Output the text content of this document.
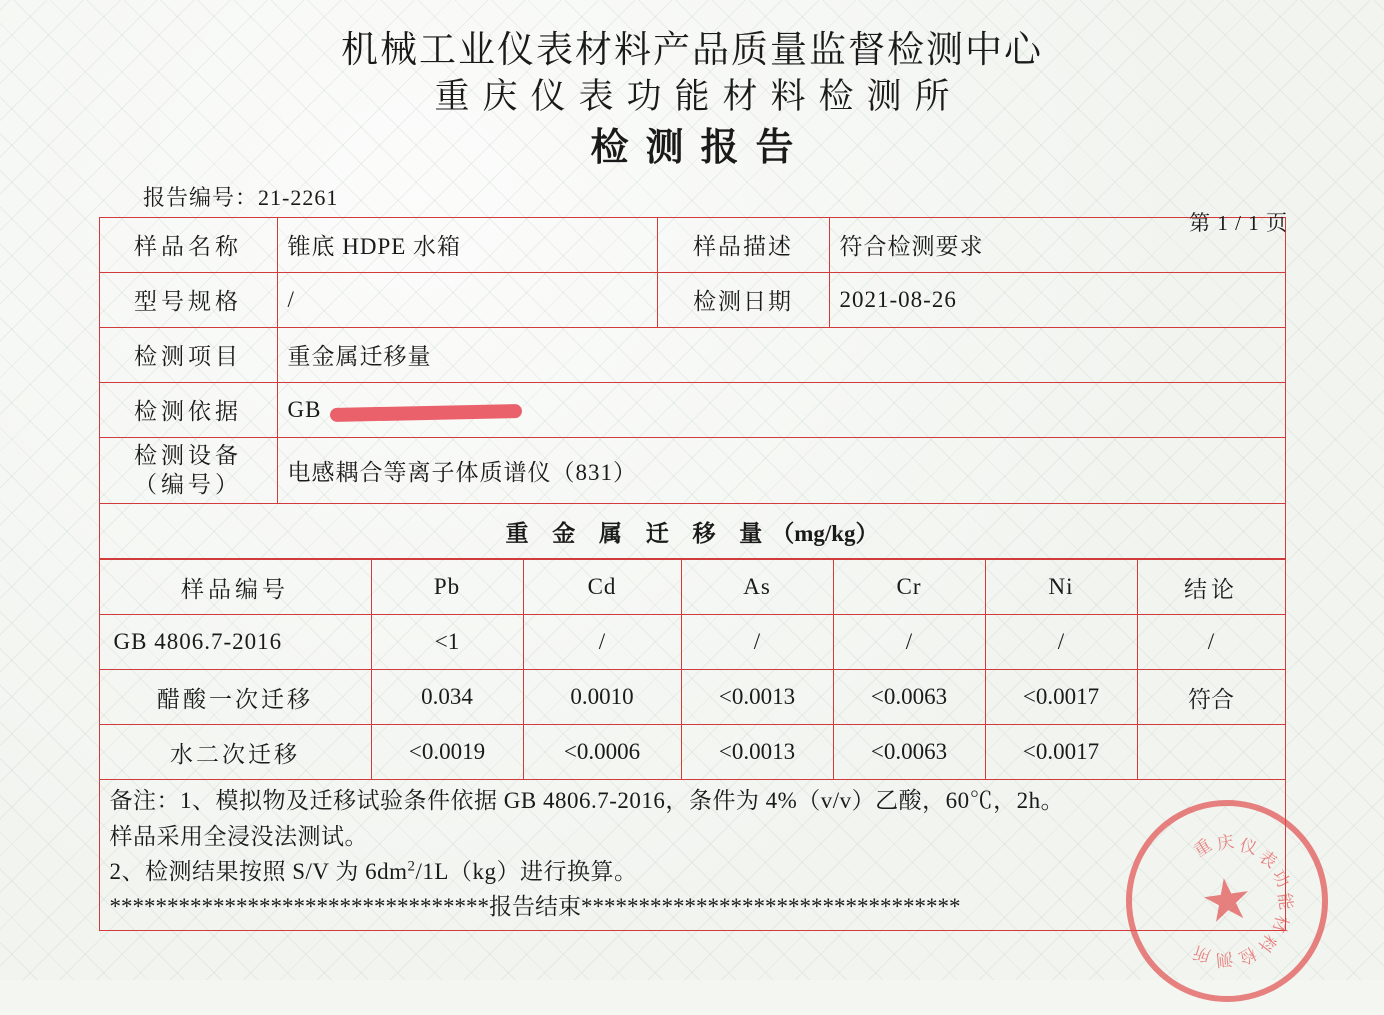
机械工业仪表材料产品质量监督检测中心
重庆仪表功能材料检测所
检测报告
报告编号：21-2261
第 1 / 1 页
样品名称	锥底 HDPE 水箱	样品描述	符合检测要求
型号规格	/	检测日期	2021-08-26
检测项目	重金属迁移量		
检测依据	GB		

检测设备
（编号）	电感耦合等离子体质谱仪（831）		
重 金 属 迁 移 量（mg/kg）			
样品编号	Pb	Cd	As	Cr	Ni	结论
GB 4806.7-2016	<1	/	/	/	/	/
醋酸一次迁移	0.034	0.0010	<0.0013	<0.0063	<0.0017	符合
水二次迁移	<0.0019	<0.0006	<0.0013	<0.0063	<0.0017	

备注：1、模拟物及迁移试验条件依据 GB 4806.7-2016，条件为 4%（v/v）乙酸，60℃，2h。

样品采用全浸没法测试。

2、检测结果按照 S/V 为 $6dm^2/1L(kg)$进行换算。

*********************************报告结束*********************************						

重 庆 仪
表
功
能
材
料
检
测
所
★
